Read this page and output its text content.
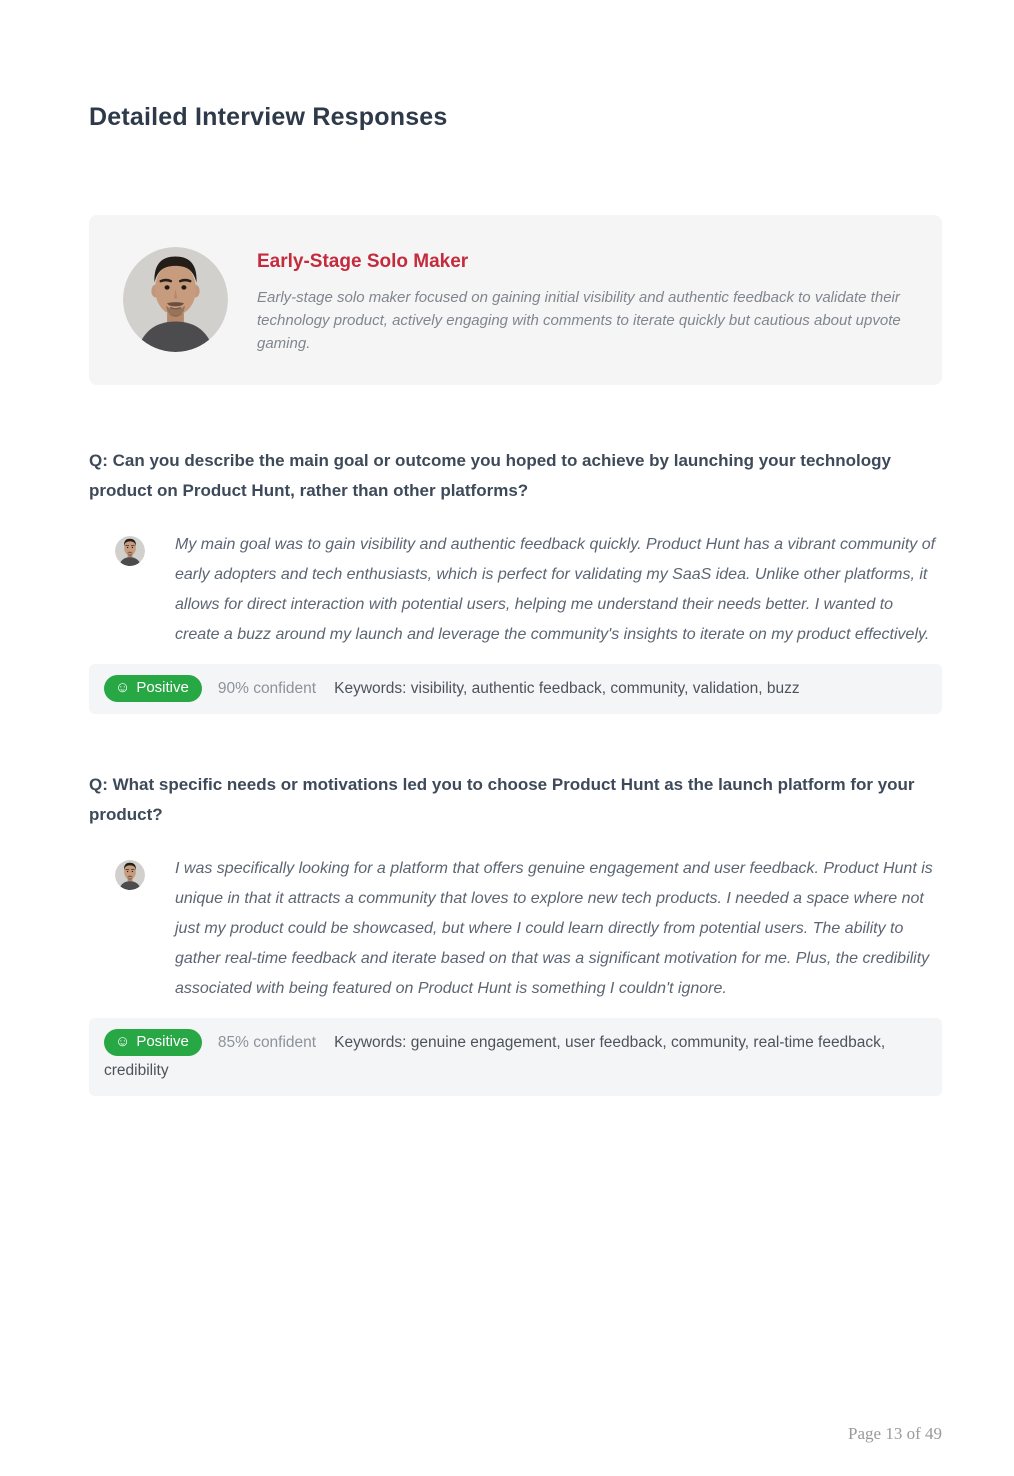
Detailed Interview Responses
Early-Stage Solo Maker
Early-stage solo maker focused on gaining initial visibility and authentic feedback to validate their technology product, actively engaging with comments to iterate quickly but cautious about upvote gaming.
Q: Can you describe the main goal or outcome you hoped to achieve by launching your technology product on Product Hunt, rather than other platforms?
My main goal was to gain visibility and authentic feedback quickly. Product Hunt has a vibrant community of early adopters and tech enthusiasts, which is perfect for validating my SaaS idea. Unlike other platforms, it allows for direct interaction with potential users, helping me understand their needs better. I wanted to create a buzz around my launch and leverage the community's insights to iterate on my product effectively.
☺ Positive 90% confident Keywords: visibility, authentic feedback, community, validation, buzz
Q: What specific needs or motivations led you to choose Product Hunt as the launch platform for your product?
I was specifically looking for a platform that offers genuine engagement and user feedback. Product Hunt is unique in that it attracts a community that loves to explore new tech products. I needed a space where not just my product could be showcased, but where I could learn directly from potential users. The ability to gather real-time feedback and iterate based on that was a significant motivation for me. Plus, the credibility associated with being featured on Product Hunt is something I couldn't ignore.
☺ Positive 85% confident Keywords: genuine engagement, user feedback, community, real-time feedback, credibility
Page 13 of 49
